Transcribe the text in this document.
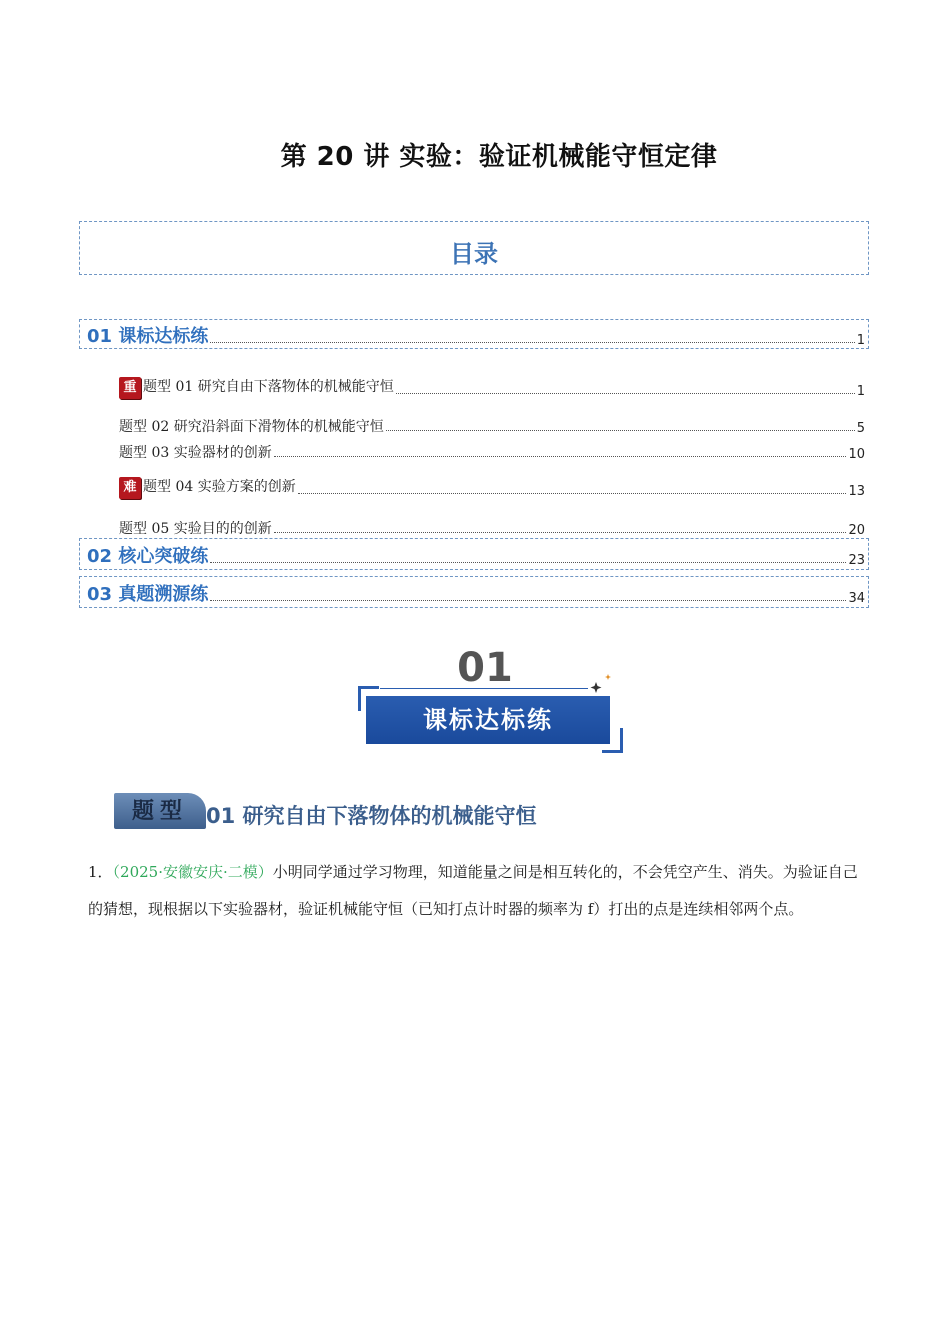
第 20 讲 实验：验证机械能守恒定律
目录
01 课标达标练	1
重 题型 01 研究自由下落物体的机械能守恒	1
题型 02 研究沿斜面下滑物体的机械能守恒	5
题型 03 实验器材的创新	10
难 题型 04 实验方案的创新	13
题型 05 实验目的的创新	20
02 核心突破练	23
03 真题溯源练	34
01
课标达标练
题型 01 研究自由下落物体的机械能守恒
1．（2025·安徽安庆·二模）小明同学通过学习物理，知道能量之间是相互转化的，不会凭空产生、消失。为验证自己的猜想，现根据以下实验器材，验证机械能守恒（已知打点计时器的频率为 f）打出的点是连续相邻两个点。
